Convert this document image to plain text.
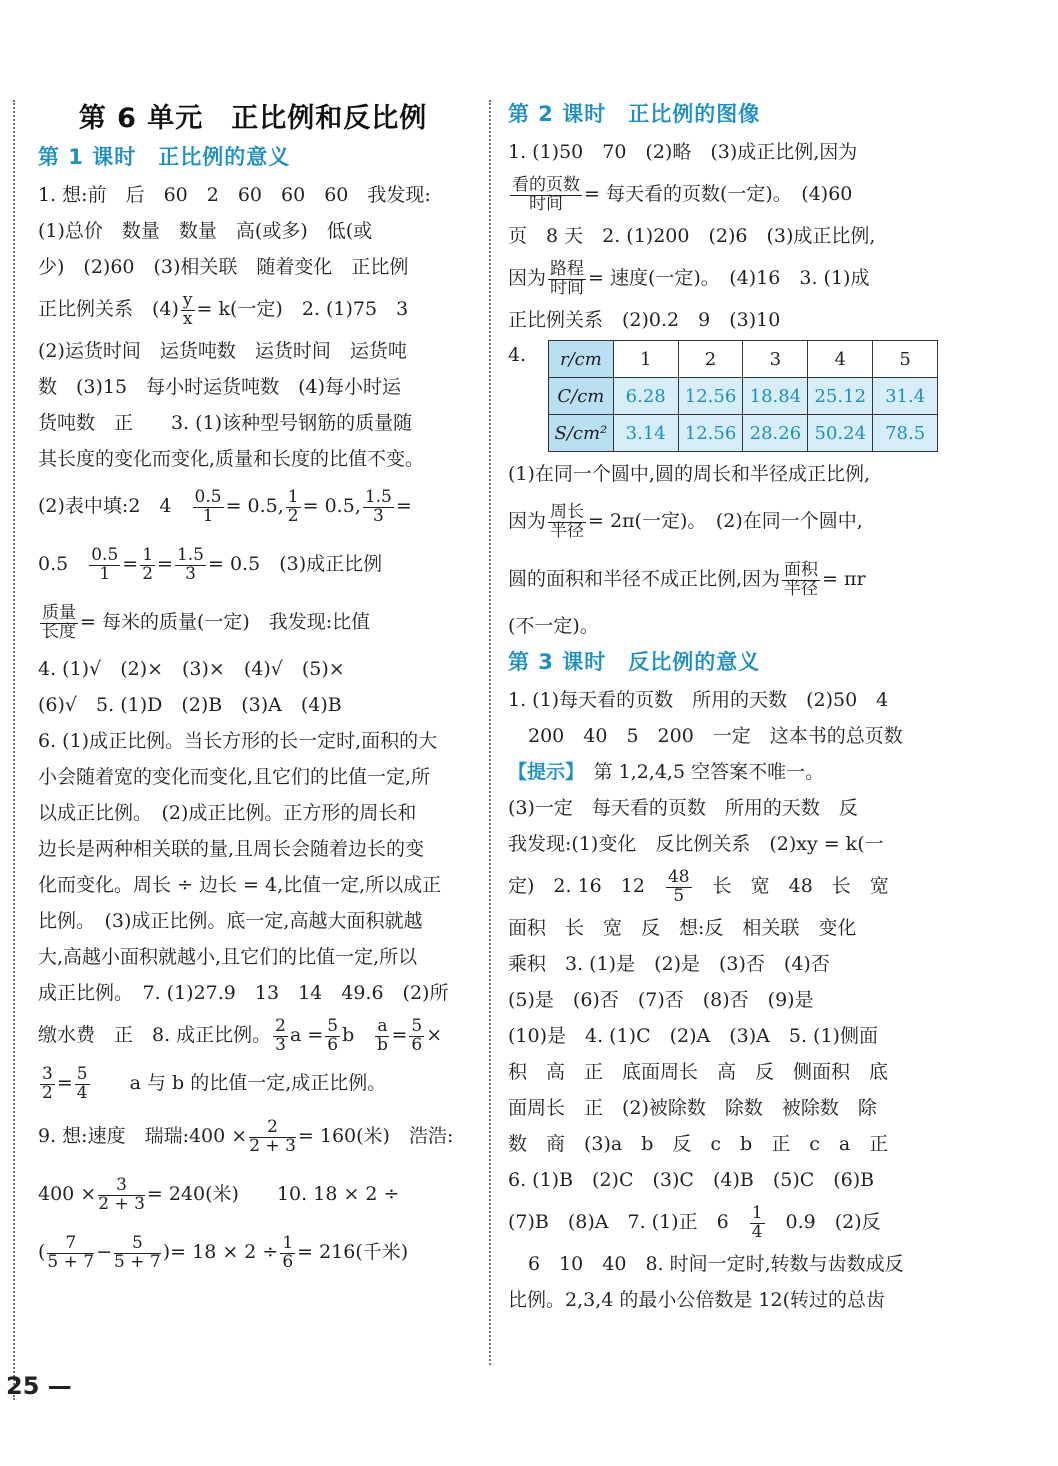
第 6 单元　正比例和反比例
第 1 课时　正比例的意义
1. 想:前　后　60　2　60　60　60　我发现:
(1)总价　数量　数量　高(或多)　低(或
少)　(2)60　(3)相关联　随着变化　正比例
正比例关系　$(4) \frac{y}{x} = k$(一定)　2. (1)75　3
(2)运货时间　运货吨数　运货时间　运货吨
数　(3)15　每小时运货吨数　(4)每小时运
货吨数　正　　3. (1)该种型号钢筋的质量随
其长度的变化而变化,质量和长度的比值不变。
(2)表中填:2　4　 $\frac{0.5}{1} = 0.5$, $\frac{1}{2} = 0.5$, $\frac{1.5}{3}$ =
0.5　 $\frac{0.5}{1} = \frac{1}{2} = \frac{1.5}{3} = 0.5$　 (3)成正比例
$\frac{\text{质量}}{\text{长度}}$ = 每米的质量(一定)　我发现:比值
4. (1)√　(2)×　(3)×　(4)√　(5)×
(6)√　5. (1)D　(2)B　(3)A　(4)B
6. (1)成正比例。当长方形的长一定时,面积的大
小会随着宽的变化而变化,且它们的比值一定,所
以成正比例。　(2)成正比例。正方形的周长和
边长是两种相关联的量,且周长会随着边长的变
化而变化。周长 ÷ 边长 = 4,比值一定,所以成正
比例。　(3)成正比例。底一定,高越大面积就越
大,高越小面积就越小,且它们的比值一定,所以
成正比例。　7. (1)27.9　13　14　49.6　(2)所
缴水费　正　8. 成正比例。 $\frac{2}{3}$ $a = \frac{5}{6}$ b　 $\frac{a}{b} = \frac{5}{6}$ ×
$\frac{3}{2} = \frac{5}{4}$
　　 a 与 b 的比值一定,成正比例。
9. 想:速度　瑞瑞:400 × $\frac{2}{2 + 3} = 160$(米)　浩浩:
$400 \times \frac{3}{2 + 3} = 240$(米)　　10. 18 × 2 ÷
( $\frac{7}{5 + 7} - \frac{5}{5 + 7}$ )= $18 \times 2 \div \frac{1}{6} = 216$(千米)
第 2 课时　正比例的图像
1. (1)50　70　(2)略　(3)成正比例,因为
$\frac{\text{看的页数}}{\text{时间}}$ = 每天看的页数(一定)。　(4)60
页　8 天　2. (1)200　(2)6　(3)成正比例,
因为 $\frac{\text{路程}}{\text{时间}}$ = 速度(一定)。　(4)16　3. (1)成
正比例关系　(2)0.2　9　(3)10
4. r/cm	1	2	3	4	5
C/cm	6.28	12.56	18.84	25.12	31.4
S/cm²	3.14	12.56	28.26	50.24	78.5
(1)在同一个圆中,圆的周长和半径成正比例,
因为 $\frac{\text{周长}}{\text{半径}} = 2\pi$(一定)。　(2)在同一个圆中,
圆的面积和半径不成正比例,因为 $\frac{\text{面积}}{\text{半径}} = \pi r$
(不一定)。
第 3 课时　反比例的意义
1. (1)每天看的页数　所用的天数　(2)50　4
200　40　5　200　一定　这本书的总页数
【提示】　 第 1,2,4,5 空答案不唯一。
(3)一定　每天看的页数　所用的天数　反
我发现:(1)变化　反比例关系　(2)xy = k(一
定)　2. 16　12　 $\frac{48}{5}$
　 长　宽　48　长　宽
面积　长　宽　反　想:反　相关联　变化
乘积　3. (1)是　(2)是　(3)否　(4)否
(5)是　(6)否　(7)否　(8)否　(9)是
(10)是　4. (1)C　(2)A　(3)A　5. (1)侧面
积　高　正　底面周长　高　反　侧面积　底
面周长　正　(2)被除数　除数　被除数　除
数　商　(3)a　b　反　c　b　正　c　a　正
6. (1)B　(2)C　(3)C　(4)B　(5)C　(6)B
(7)B　(8)A　7. (1)正　6　 $\frac{1}{4}$
　 0.9　(2)反
6　10　40　8. 时间一定时,转数与齿数成反
比例。2,3,4 的最小公倍数是 12(转过的总齿
25 —
